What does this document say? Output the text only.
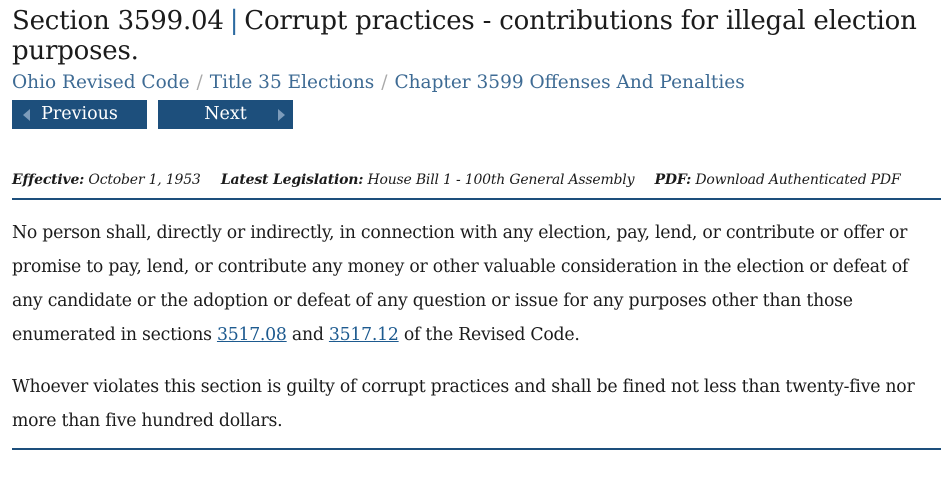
Section 3599.04 | Corrupt practices - contributions for illegal election purposes.
Ohio Revised Code / Title 35 Elections / Chapter 3599 Offenses And Penalties
Previous	Next
Effective: October 1, 1953 Latest Legislation: House Bill 1 - 100th General Assembly PDF: Download Authenticated PDF

No person shall, directly or indirectly, in connection with any election, pay, lend, or contribute or offer or promise to pay, lend, or contribute any money or other valuable consideration in the election or defeat of any candidate or the adoption or defeat of any question or issue for any purposes other than those enumerated in sections 3517.08 and 3517.12 of the Revised Code.

Whoever violates this section is guilty of corrupt practices and shall be fined not less than twenty-five nor more than five hundred dollars.
